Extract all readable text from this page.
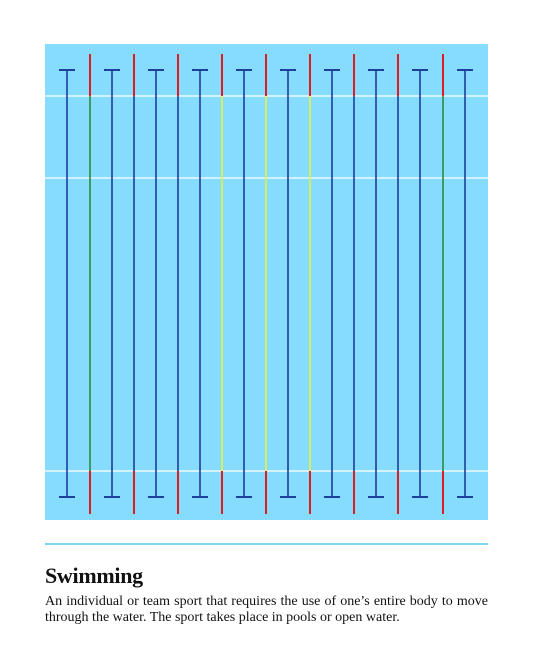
Swimming

An individual or team sport that requires the use of one’s entire body to move through the water. The sport takes place in pools or open water.
